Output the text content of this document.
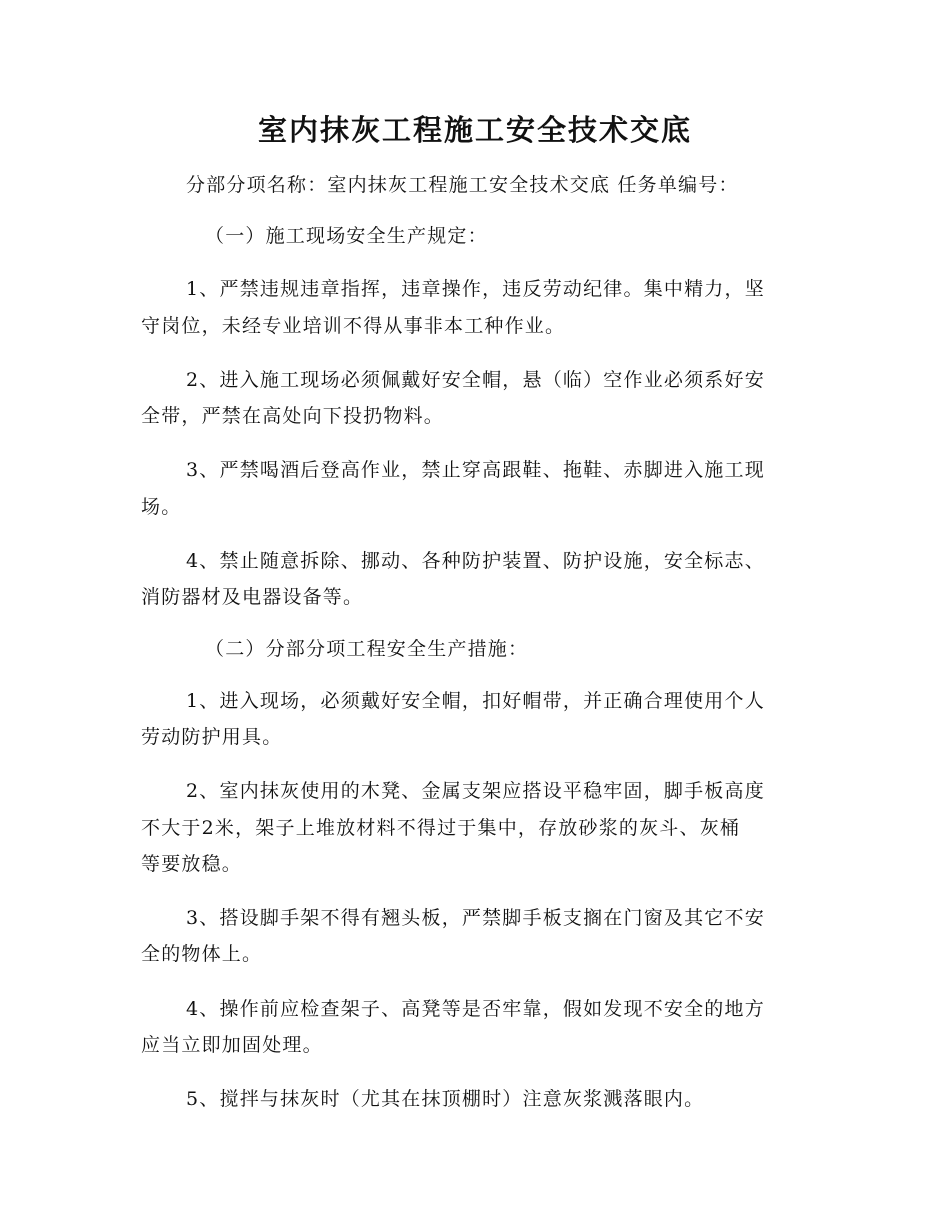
室内抹灰工程施工安全技术交底

分部分项名称：室内抹灰工程施工安全技术交底 任务单编号：

（一）施工现场安全生产规定：

1、严禁违规违章指挥，违章操作，违反劳动纪律。集中精力，坚

守岗位，未经专业培训不得从事非本工种作业。

2、进入施工现场必须佩戴好安全帽，悬（临）空作业必须系好安

全带，严禁在高处向下投扔物料。

3、严禁喝酒后登高作业，禁止穿高跟鞋、拖鞋、赤脚进入施工现

场。

4、禁止随意拆除、挪动、各种防护装置、防护设施，安全标志、

消防器材及电器设备等。

（二）分部分项工程安全生产措施：

1、进入现场，必须戴好安全帽，扣好帽带，并正确合理使用个人

劳动防护用具。

2、室内抹灰使用的木凳、金属支架应搭设平稳牢固，脚手板高度

不大于2米，架子上堆放材料不得过于集中，存放砂浆的灰斗、灰桶

等要放稳。

3、搭设脚手架不得有翘头板，严禁脚手板支搁在门窗及其它不安

全的物体上。

4、操作前应检查架子、高凳等是否牢靠，假如发现不安全的地方

应当立即加固处理。

5、搅拌与抹灰时（尤其在抹顶棚时）注意灰浆溅落眼内。
